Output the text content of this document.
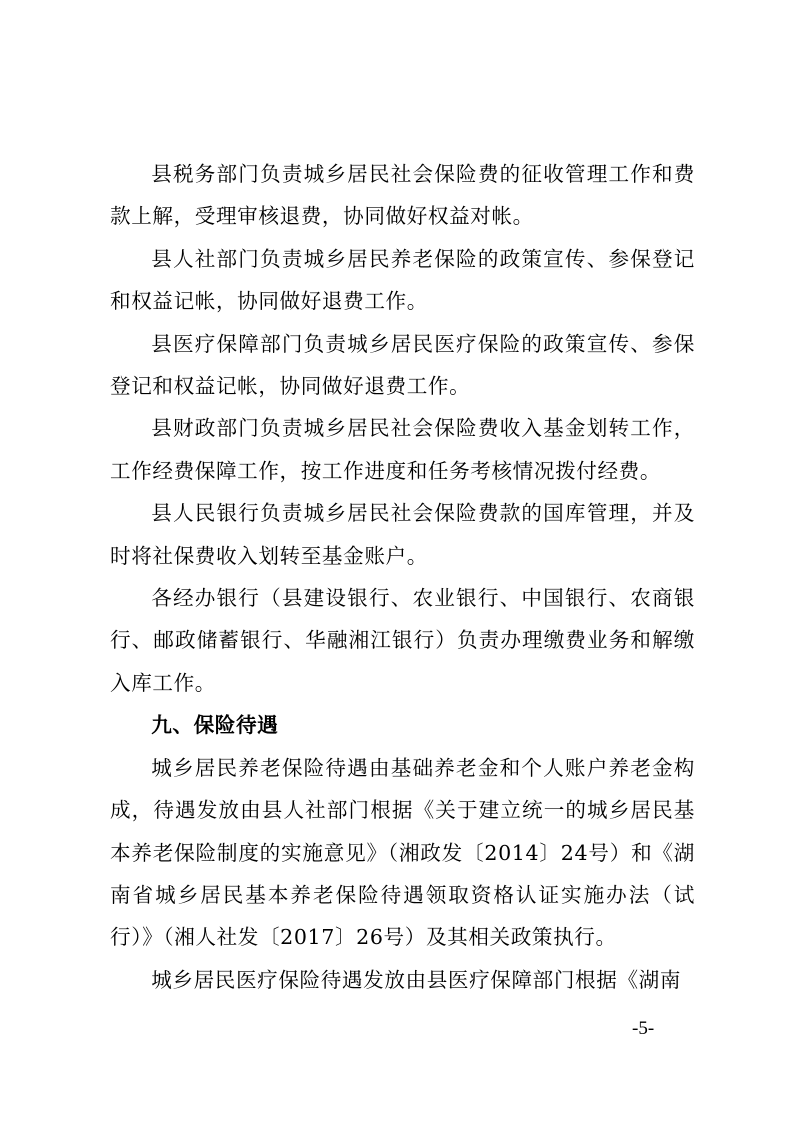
县税务部门负责城乡居民社会保险费的征收管理工作和费款上解，受理审核退费，协同做好权益对帐。

县人社部门负责城乡居民养老保险的政策宣传、参保登记和权益记帐，协同做好退费工作。

县医疗保障部门负责城乡居民医疗保险的政策宣传、参保登记和权益记帐，协同做好退费工作。

县财政部门负责城乡居民社会保险费收入基金划转工作，工作经费保障工作，按工作进度和任务考核情况拨付经费。

县人民银行负责城乡居民社会保险费款的国库管理，并及时将社保费收入划转至基金账户。

各经办银行（县建设银行、农业银行、中国银行、农商银行、邮政储蓄银行、华融湘江银行）负责办理缴费业务和解缴入库工作。

九、保险待遇

城乡居民养老保险待遇由基础养老金和个人账户养老金构成，待遇发放由县人社部门根据《关于建立统一的城乡居民基本养老保险制度的实施意见》（湘政发〔2014〕24号）和《湖南省城乡居民基本养老保险待遇领取资格认证实施办法（试行）》（湘人社发〔2017〕26号）及其相关政策执行。

城乡居民医疗保险待遇发放由县医疗保障部门根据《湖南

-5-
